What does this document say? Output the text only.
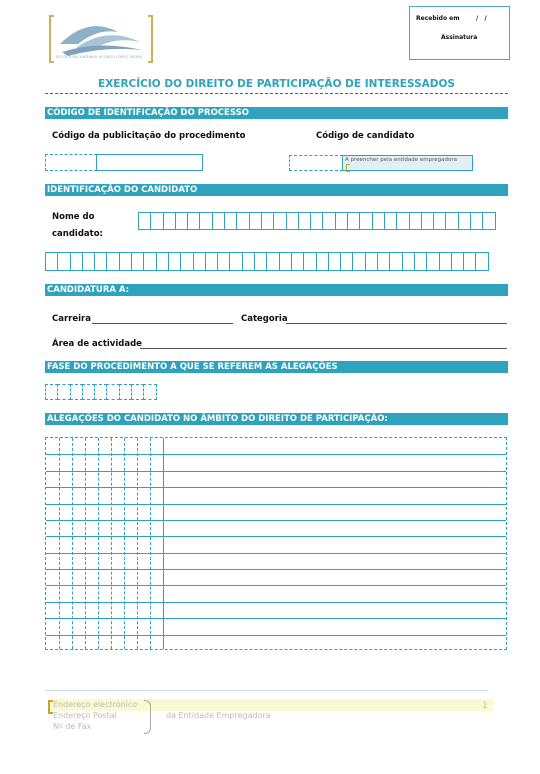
ESCOLA SECUNDÁRIA AFONSO LOPES VIEIRA
Recebido em	/   /
Assinatura
EXERCÍCIO DO DIREITO DE PARTICIPAÇÃO DE INTERESSADOS
CÓDIGO DE IDENTIFICAÇÃO DO PROCESSO
Código da publicitação do procedimento	Código de candidato
A preencher pela entidade empregadora
IDENTIFICAÇÃO DO CANDIDATO
Nome do
candidato:
CANDIDATURA A:
Carreira	Categoria
Área de actividade
FASE DO PROCEDIMENTO A QUE SE REFEREM AS ALEGAÇÕES
ALEGAÇÕES DO CANDIDATO NO ÂMBITO DO DIREITO DE PARTICIPAÇÃO:
Endereço electrónico
Endereço Postal
Nº de Fax
da Entidade Empregadora
1
